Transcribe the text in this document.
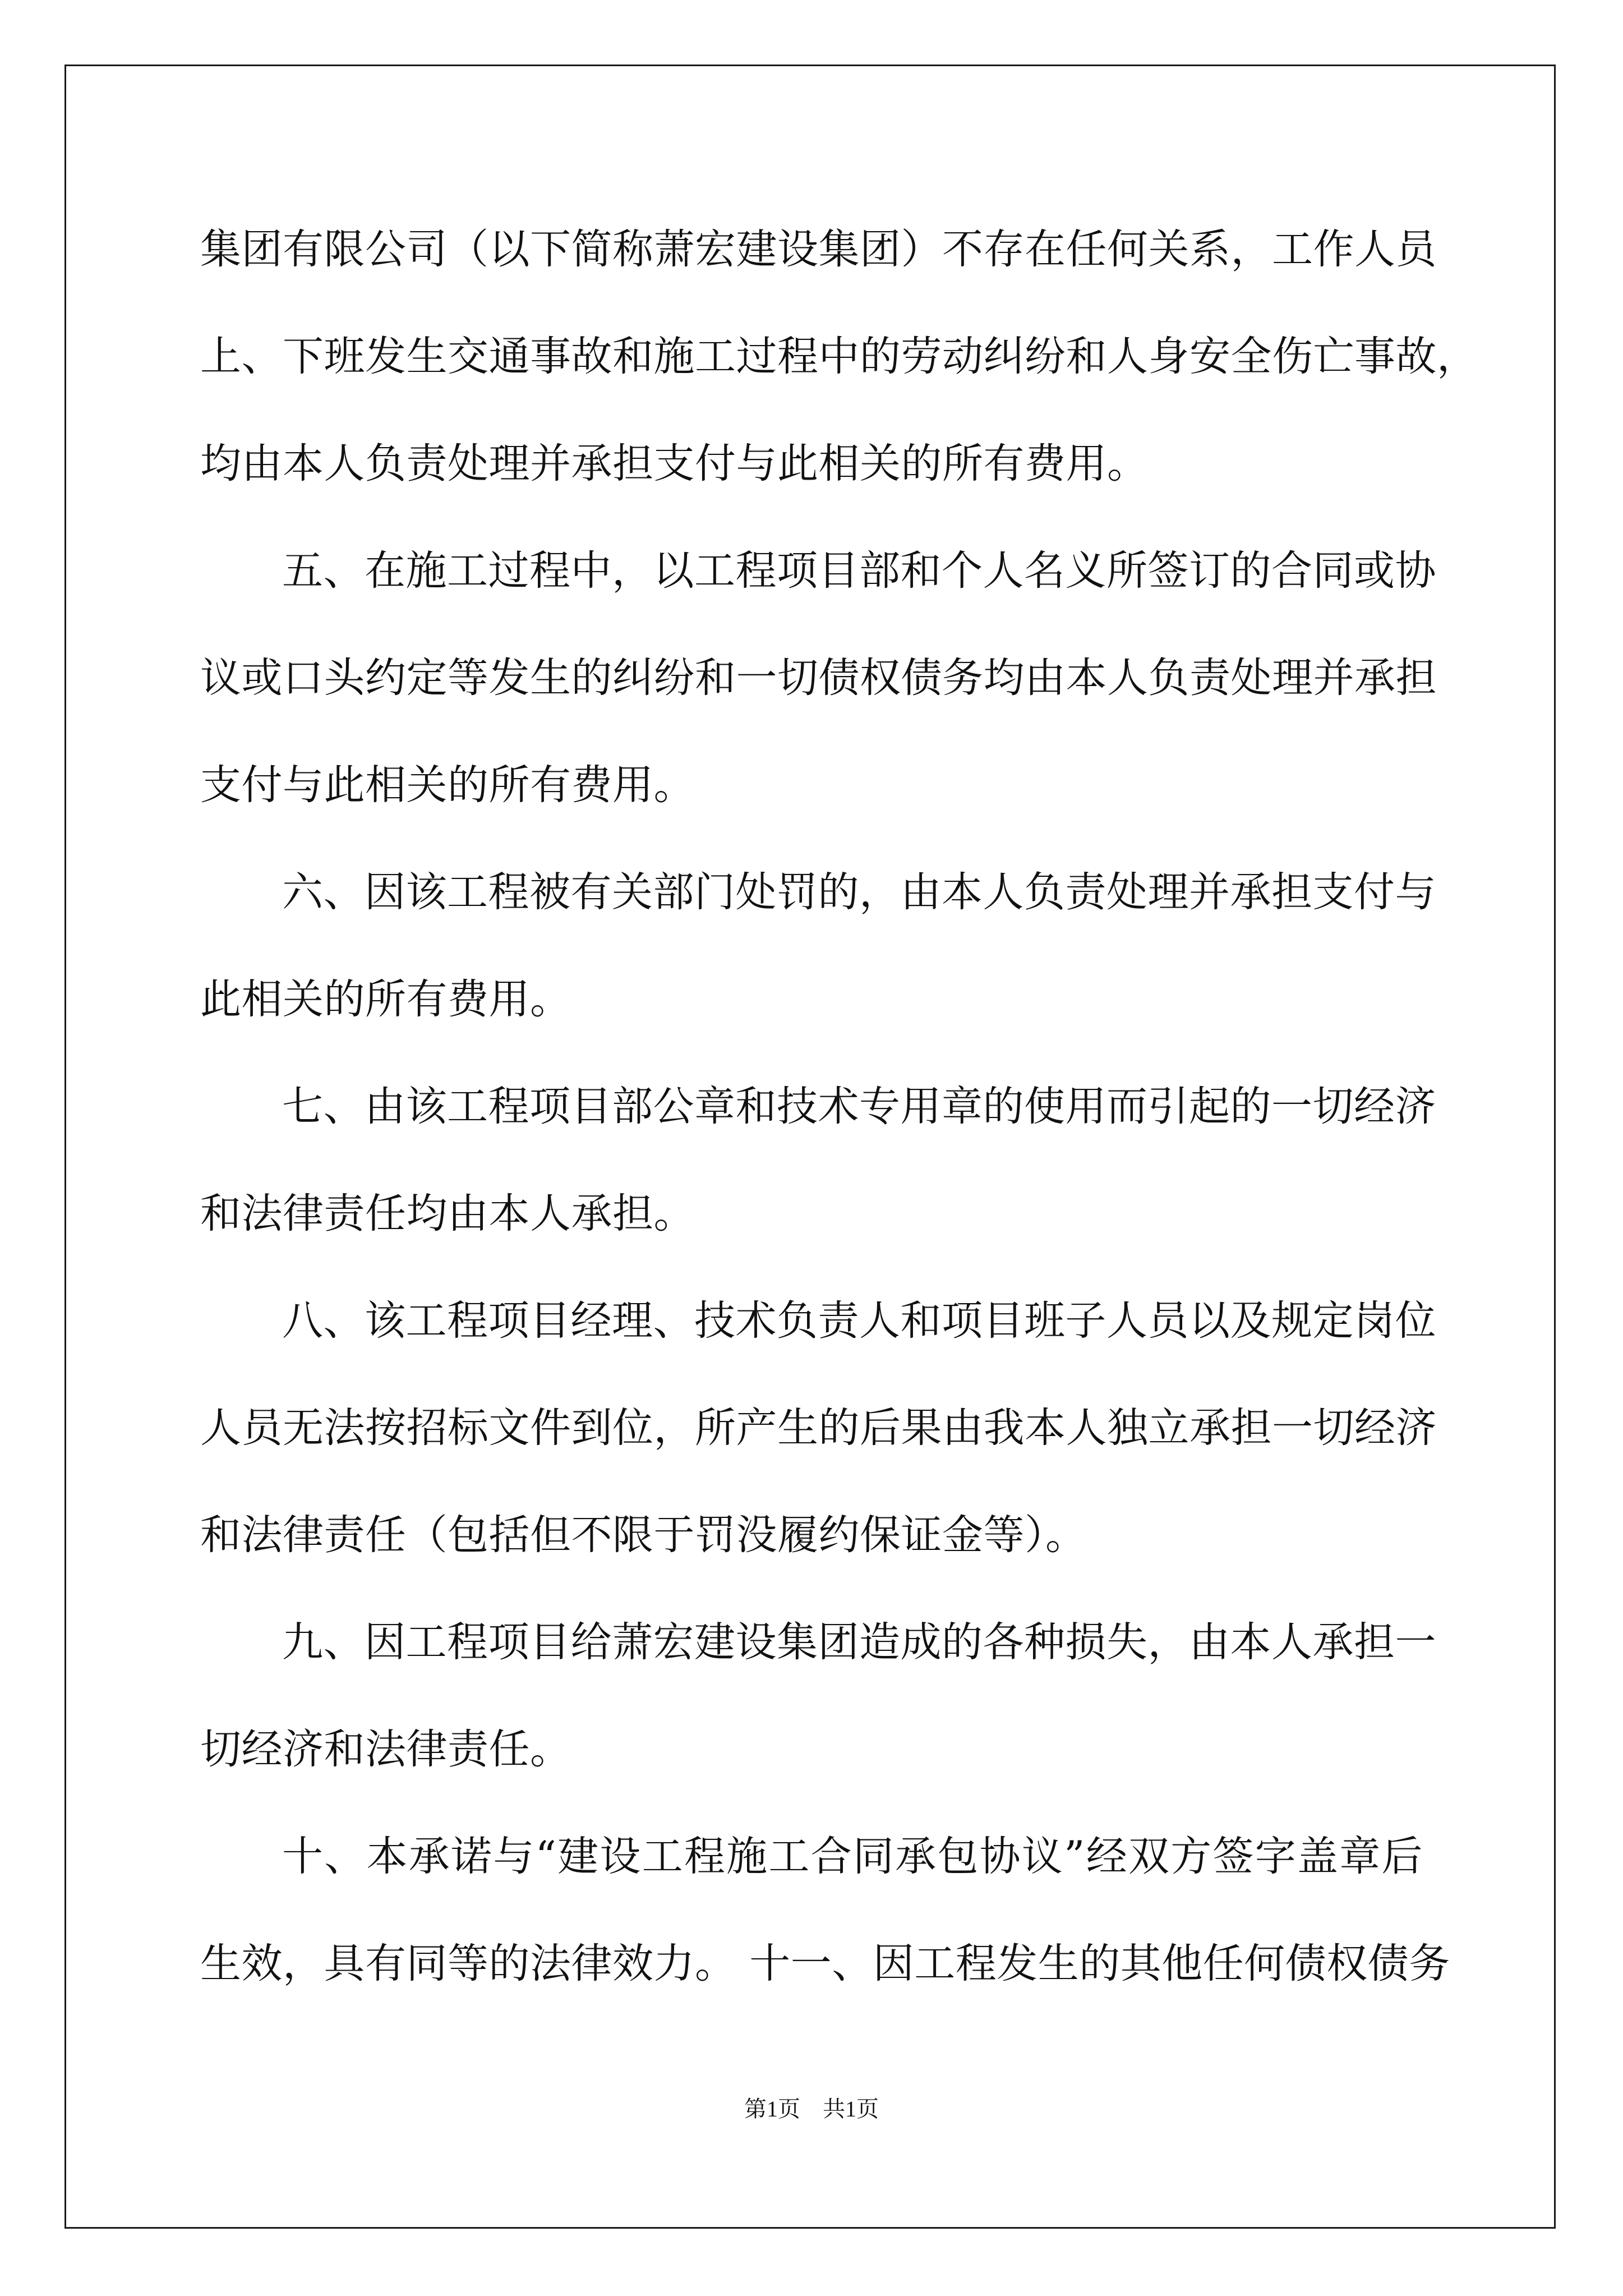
集团有限公司（以下简称萧宏建设集团）不存在任何关系，工作人员
上、下班发生交通事故和施工过程中的劳动纠纷和人身安全伤亡事故，
均由本人负责处理并承担支付与此相关的所有费用。
五、在施工过程中，以工程项目部和个人名义所签订的合同或协
议或口头约定等发生的纠纷和一切债权债务均由本人负责处理并承担
支付与此相关的所有费用。
六、因该工程被有关部门处罚的，由本人负责处理并承担支付与
此相关的所有费用。
七、由该工程项目部公章和技术专用章的使用而引起的一切经济
和法律责任均由本人承担。
八、该工程项目经理、技术负责人和项目班子人员以及规定岗位
人员无法按招标文件到位，所产生的后果由我本人独立承担一切经济
和法律责任（包括但不限于罚没履约保证金等）。
九、因工程项目给萧宏建设集团造成的各种损失，由本人承担一
切经济和法律责任。
十、本承诺与“建设工程施工合同承包协议”经双方签字盖章后
生效，具有同等的法律效力。 十一、因工程发生的其他任何债权债务
第1页 共1页
